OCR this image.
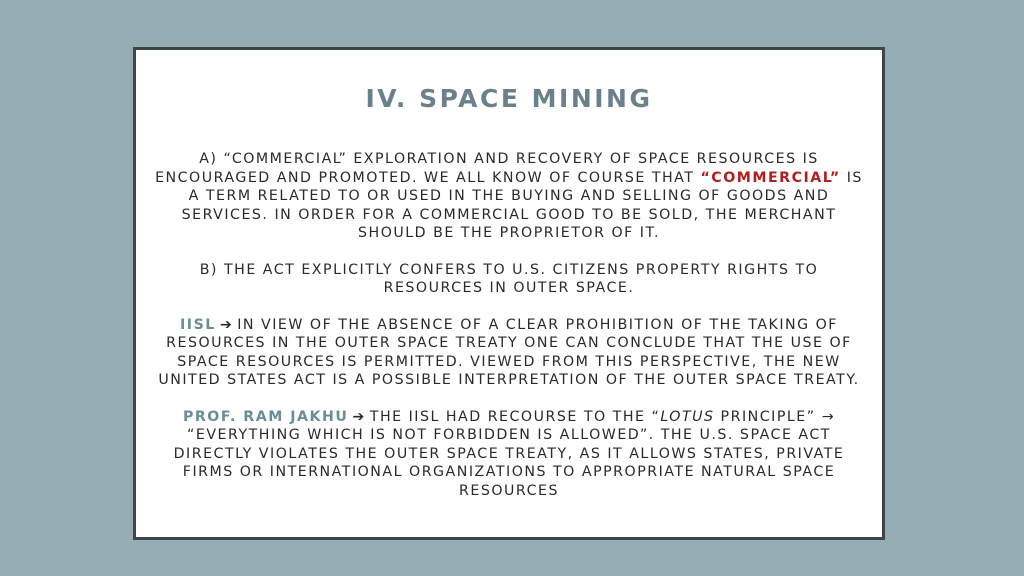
IV. SPACE MINING

A) “COMMERCIAL” EXPLORATION AND RECOVERY OF SPACE RESOURCES IS ENCOURAGED AND PROMOTED. WE ALL KNOW OF COURSE THAT “COMMERCIAL” IS A TERM RELATED TO OR USED IN THE BUYING AND SELLING OF GOODS AND SERVICES. IN ORDER FOR A COMMERCIAL GOOD TO BE SOLD, THE MERCHANT SHOULD BE THE PROPRIETOR OF IT.

B) THE ACT EXPLICITLY CONFERS TO U.S. CITIZENS PROPERTY RIGHTS TO RESOURCES IN OUTER SPACE.

IISL ➔ IN VIEW OF THE ABSENCE OF A CLEAR PROHIBITION OF THE TAKING OF RESOURCES IN THE OUTER SPACE TREATY ONE CAN CONCLUDE THAT THE USE OF SPACE RESOURCES IS PERMITTED. VIEWED FROM THIS PERSPECTIVE, THE NEW UNITED STATES ACT IS A POSSIBLE INTERPRETATION OF THE OUTER SPACE TREATY.

PROF. RAM JAKHU ➔ THE IISL HAD RECOURSE TO THE “LOTUS PRINCIPLE” → “EVERYTHING WHICH IS NOT FORBIDDEN IS ALLOWED”. THE U.S. SPACE ACT DIRECTLY VIOLATES THE OUTER SPACE TREATY, AS IT ALLOWS STATES, PRIVATE FIRMS OR INTERNATIONAL ORGANIZATIONS TO APPROPRIATE NATURAL SPACE RESOURCES
